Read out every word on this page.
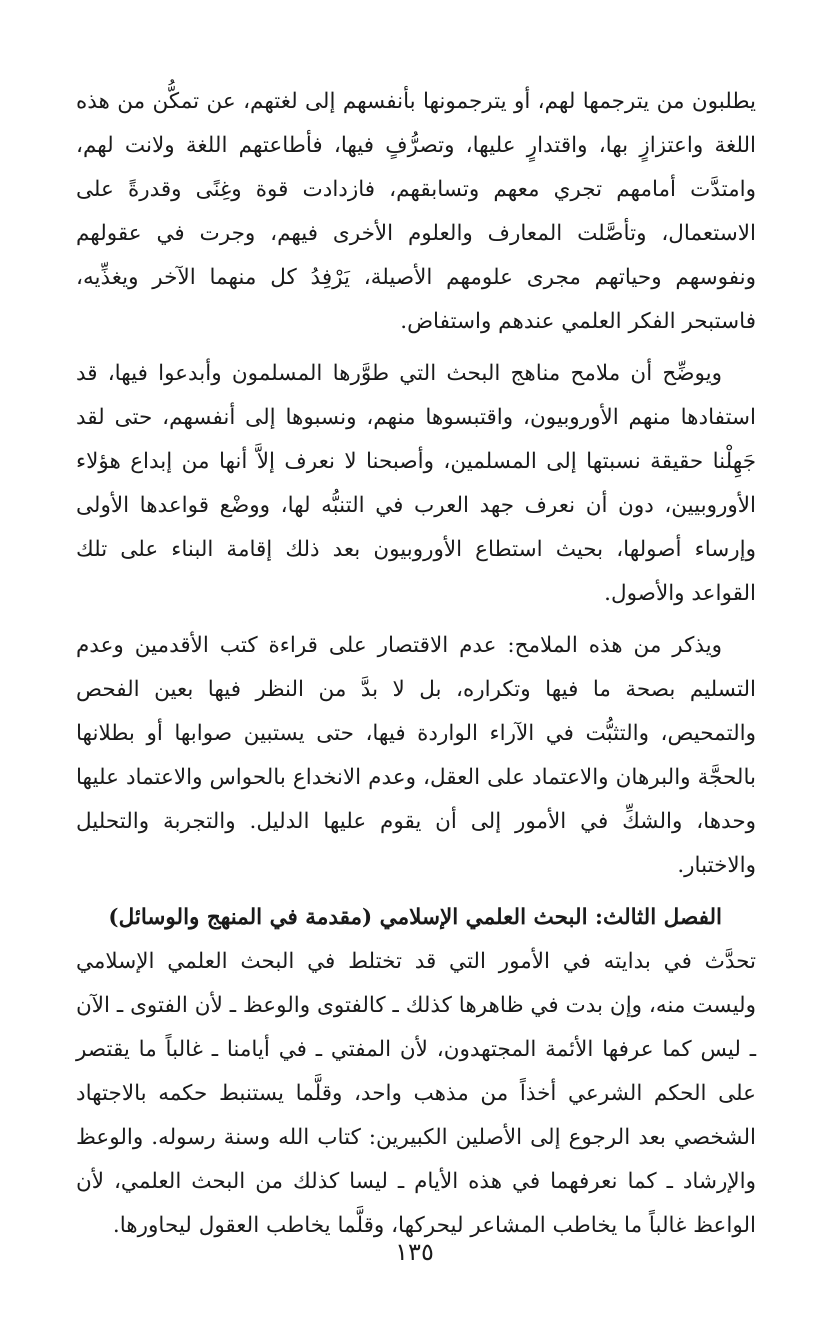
يطلبون من يترجمها لهم، أو يترجمونها بأنفسهم إلى لغتهم، عن تمكُّن من هذه اللغة واعتزازٍ بها، واقتدارٍ عليها، وتصرُّفٍ فيها، فأطاعتهم اللغة ولانت لهم، وامتدَّت أمامهم تجري معهم وتسابقهم، فازدادت قوة وغِنًى وقدرةً على الاستعمال، وتأصَّلت المعارف والعلوم الأخرى فيهم، وجرت في عقولهم ونفوسهم وحياتهم مجرى علومهم الأصيلة، يَرْفِدُ كل منهما الآخر ويغذِّيه، فاستبحر الفكر العلمي عندهم واستفاض.

ويوضِّح أن ملامح مناهج البحث التي طوَّرها المسلمون وأبدعوا فيها، قد استفادها منهم الأوروبيون، واقتبسوها منهم، ونسبوها إلى أنفسهم، حتى لقد جَهِلْنا حقيقة نسبتها إلى المسلمين، وأصبحنا لا نعرف إلاَّ أنها من إبداع هؤلاء الأوروبيين، دون أن نعرف جهد العرب في التنبُّه لها، ووضْع قواعدها الأولى وإرساء أصولها، بحيث استطاع الأوروبيون بعد ذلك إقامة البناء على تلك القواعد والأصول.

ويذكر من هذه الملامح: عدم الاقتصار على قراءة كتب الأقدمين وعدم التسليم بصحة ما فيها وتكراره، بل لا بدَّ من النظر فيها بعين الفحص والتمحيص، والتثبُّت في الآراء الواردة فيها، حتى يستبين صوابها أو بطلانها بالحجَّة والبرهان والاعتماد على العقل، وعدم الانخداع بالحواس والاعتماد عليها وحدها، والشكِّ في الأمور إلى أن يقوم عليها الدليل. والتجربة والتحليل والاختبار.

الفصل الثالث: البحث العلمي الإسلامي (مقدمة في المنهج والوسائل)

تحدَّث في بدايته في الأمور التي قد تختلط في البحث العلمي الإسلامي وليست منه، وإن بدت في ظاهرها كذلك ـ كالفتوى والوعظ ـ لأن الفتوى ـ الآن ـ ليس كما عرفها الأئمة المجتهدون، لأن المفتي ـ في أيامنا ـ غالباً ما يقتصر على الحكم الشرعي أخذاً من مذهب واحد، وقلَّما يستنبط حكمه بالاجتهاد الشخصي بعد الرجوع إلى الأصلين الكبيرين: كتاب الله وسنة رسوله. والوعظ والإرشاد ـ كما نعرفهما في هذه الأيام ـ ليسا كذلك من البحث العلمي، لأن الواعظ غالباً ما يخاطب المشاعر ليحركها، وقلَّما يخاطب العقول ليحاورها.

١٣٥
